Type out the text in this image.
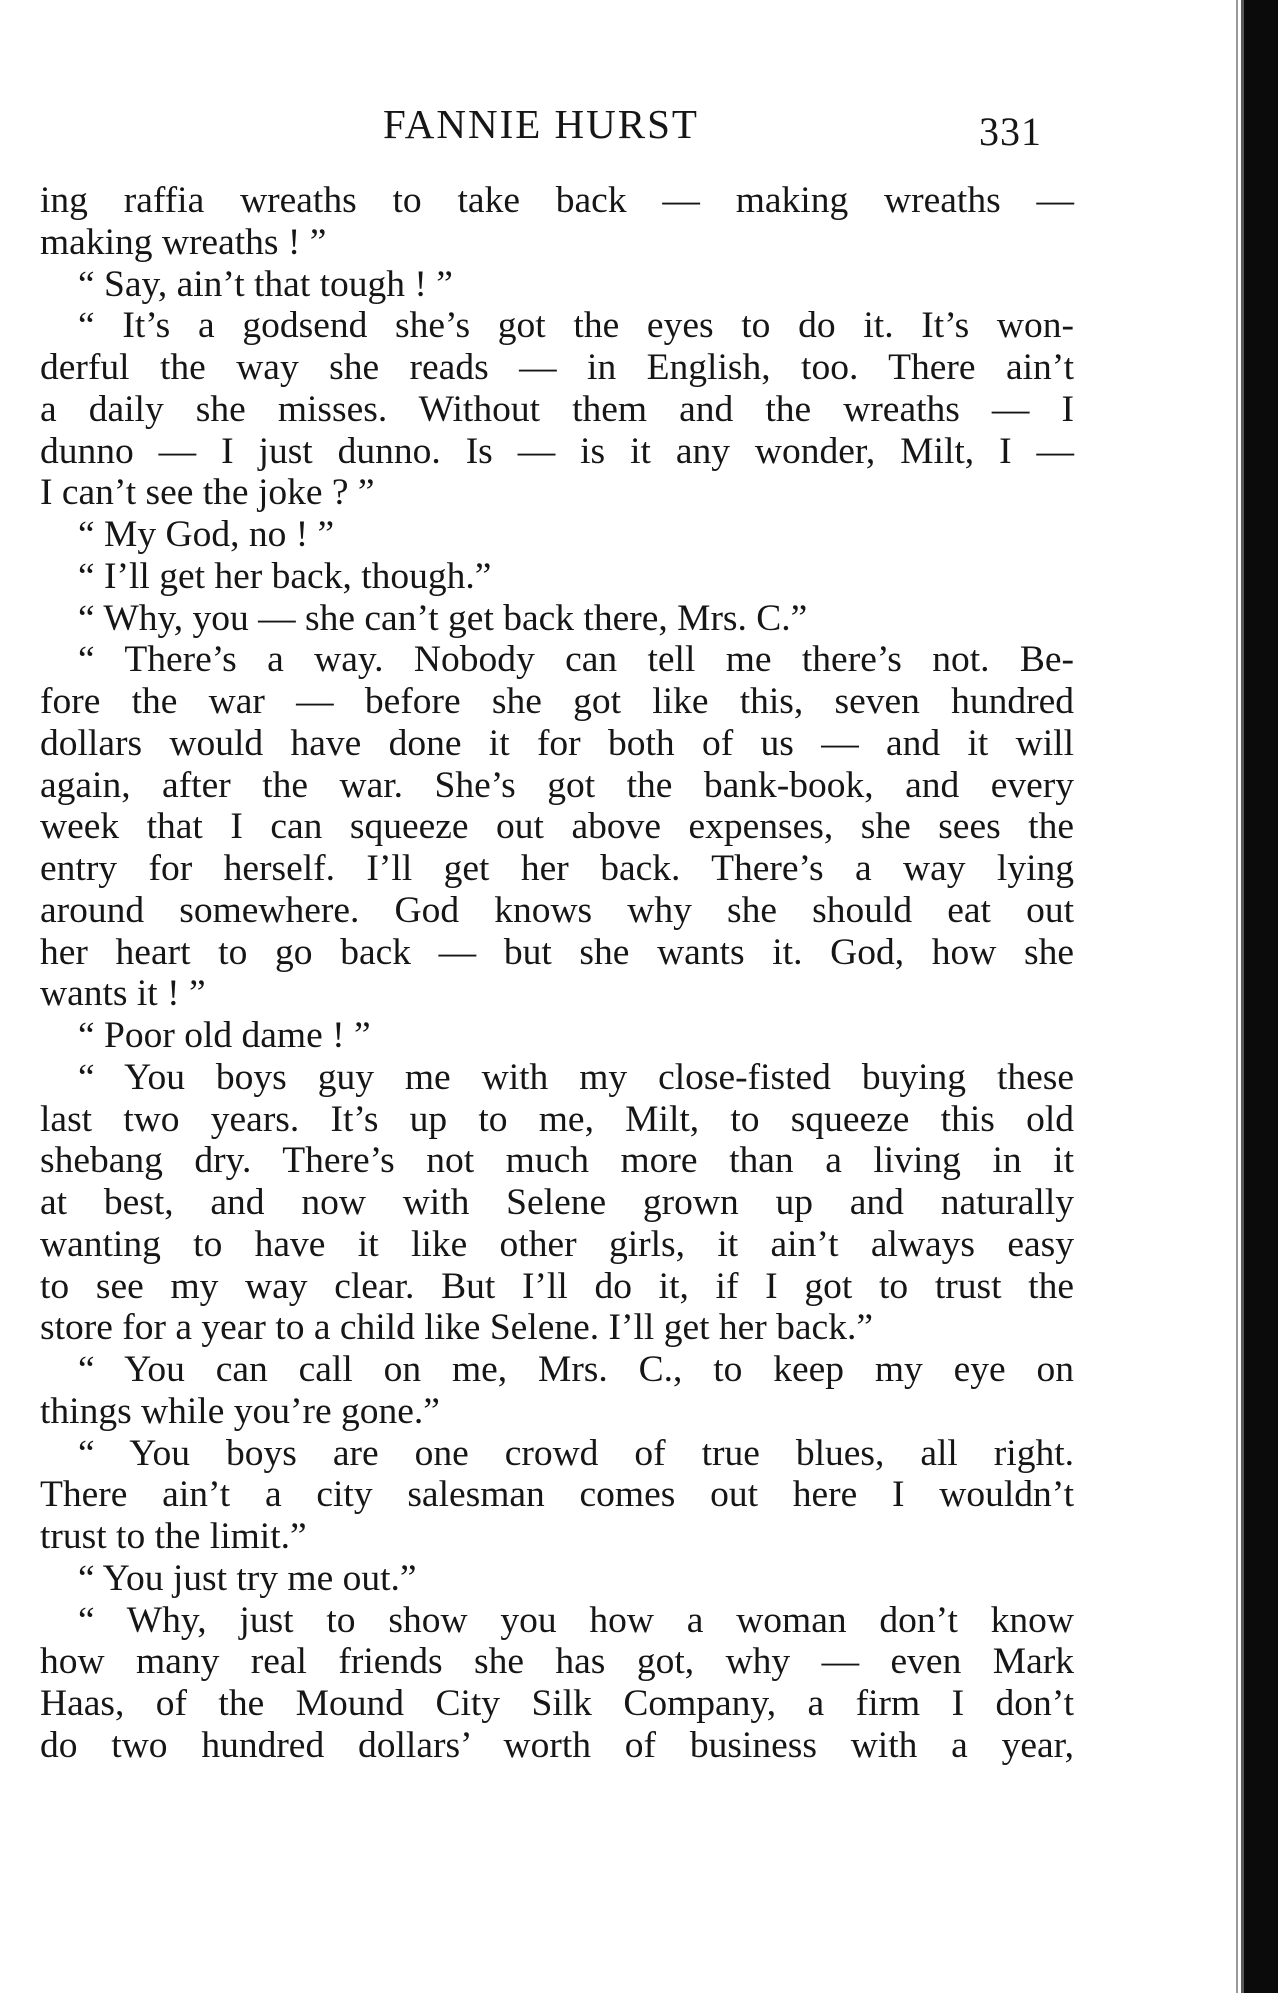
FANNIE HURST	331
ing raffia wreaths to take back — making wreaths —
making wreaths ! ”
“ Say, ain’t that tough ! ”
“ It’s a godsend she’s got the eyes to do it. It’s won-
derful the way she reads — in English, too. There ain’t
a daily she misses. Without them and the wreaths — I
dunno — I just dunno. Is — is it any wonder, Milt, I —
I can’t see the joke ? ”
“ My God, no ! ”
“ I’ll get her back, though.”
“ Why, you — she can’t get back there, Mrs. C.”
“ There’s a way. Nobody can tell me there’s not. Be-
fore the war — before she got like this, seven hundred
dollars would have done it for both of us — and it will
again, after the war. She’s got the bank-book, and every
week that I can squeeze out above expenses, she sees the
entry for herself. I’ll get her back. There’s a way lying
around somewhere. God knows why she should eat out
her heart to go back — but she wants it. God, how she
wants it ! ”
“ Poor old dame ! ”
“ You boys guy me with my close-fisted buying these
last two years. It’s up to me, Milt, to squeeze this old
shebang dry. There’s not much more than a living in it
at best, and now with Selene grown up and naturally
wanting to have it like other girls, it ain’t always easy
to see my way clear. But I’ll do it, if I got to trust the
store for a year to a child like Selene. I’ll get her back.”
“ You can call on me, Mrs. C., to keep my eye on
things while you’re gone.”
“ You boys are one crowd of true blues, all right.
There ain’t a city salesman comes out here I wouldn’t
trust to the limit.”
“ You just try me out.”
“ Why, just to show you how a woman don’t know
how many real friends she has got, why — even Mark
Haas, of the Mound City Silk Company, a firm I don’t
do two hundred dollars’ worth of business with a year,
